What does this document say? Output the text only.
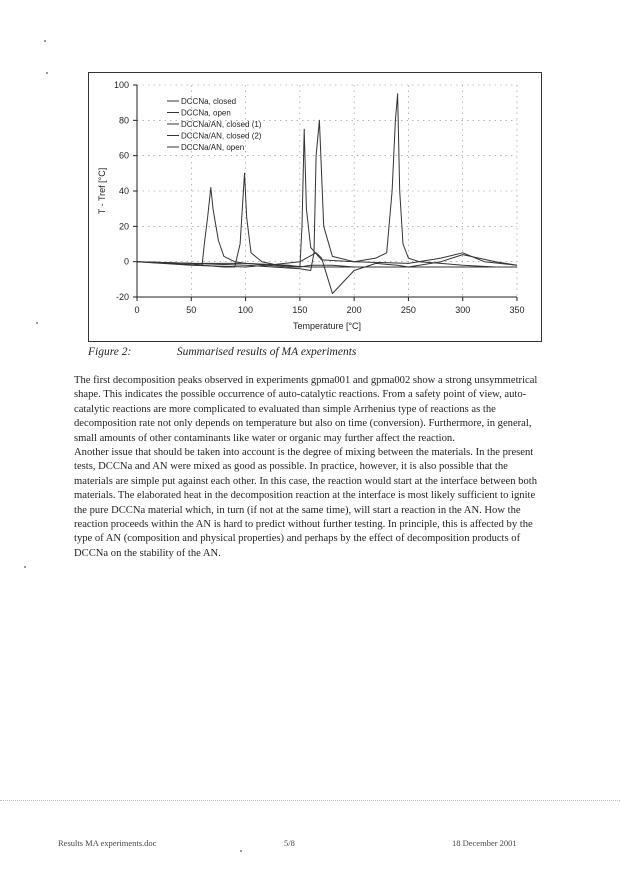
0	50	100	150	200	250	300	350
100
80
60
40
20
0
-20
Temperature [°C]
T - Tref [°C]
DCCNa, closed
DCCNa, open
DCCNa/AN, closed (1)
DCCNa/AN, closed (2)
DCCNa/AN, open
Figure 2:	Summarised results of MA experiments

The first decomposition peaks observed in experiments gpma001 and gpma002 show a strong unsymmetrical shape. This indicates the possible occurrence of auto-catalytic reactions. From a safety point of view, auto-catalytic reactions are more complicated to evaluated than simple Arrhenius type of reactions as the decomposition rate not only depends on temperature but also on time (conversion). Furthermore, in general, small amounts of other contaminants like water or organic may further affect the reaction.

Another issue that should be taken into account is the degree of mixing between the materials. In the present tests, DCCNa and AN were mixed as good as possible. In practice, however, it is also possible that the materials are simple put against each other. In this case, the reaction would start at the interface between both materials. The elaborated heat in the decomposition reaction at the interface is most likely sufficient to ignite the pure DCCNa material which, in turn (if not at the same time), will start a reaction in the AN. How the reaction proceeds within the AN is hard to predict without further testing. In principle, this is affected by the type of AN (composition and physical properties) and perhaps by the effect of decomposition products of DCCNa on the stability of the AN.

Results MA experiments.doc	5/8	18 December 2001
